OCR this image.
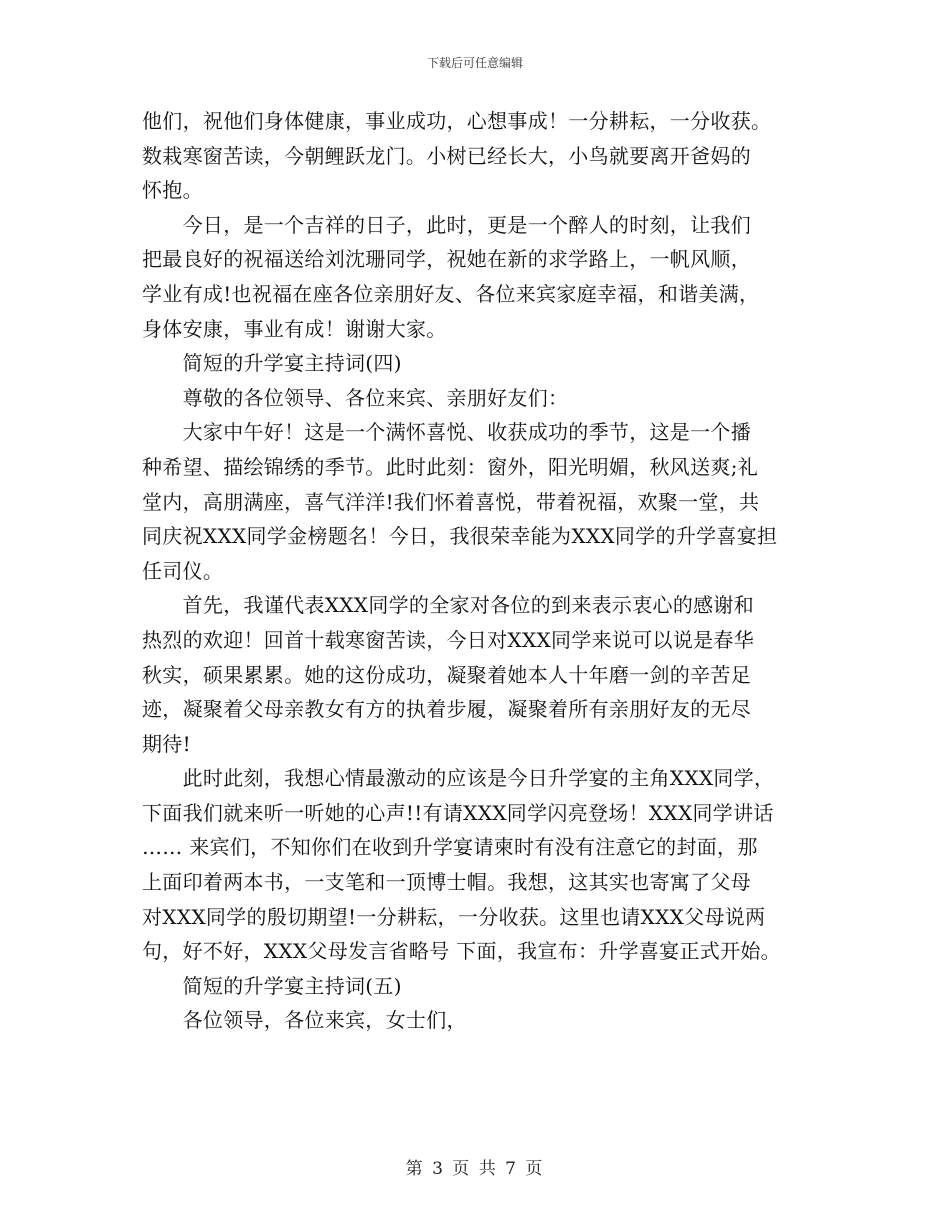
下载后可任意编辑
他们，祝他们身体健康，事业成功，心想事成！一分耕耘，一分收获。
数栽寒窗苦读，今朝鲤跃龙门。小树已经长大，小鸟就要离开爸妈的
怀抱。
　　今日，是一个吉祥的日子，此时，更是一个醉人的时刻，让我们
把最良好的祝福送给刘沈珊同学，祝她在新的求学路上，一帆风顺，
学业有成!也祝福在座各位亲朋好友、各位来宾家庭幸福，和谐美满，
身体安康，事业有成！谢谢大家。
　　简短的升学宴主持词(四)
　　尊敬的各位领导、各位来宾、亲朋好友们：
　　大家中午好！这是一个满怀喜悦、收获成功的季节，这是一个播
种希望、描绘锦绣的季节。此时此刻：窗外，阳光明媚，秋风送爽;礼
堂内，高朋满座，喜气洋洋!我们怀着喜悦，带着祝福，欢聚一堂，共
同庆祝XXX同学金榜题名！今日，我很荣幸能为XXX同学的升学喜宴担
任司仪。
　　首先，我谨代表XXX同学的全家对各位的到来表示衷心的感谢和
热烈的欢迎！回首十载寒窗苦读，今日对XXX同学来说可以说是春华
秋实，硕果累累。她的这份成功，凝聚着她本人十年磨一剑的辛苦足
迹，凝聚着父母亲教女有方的执着步履，凝聚着所有亲朋好友的无尽
期待!
　　此时此刻，我想心情最激动的应该是今日升学宴的主角XXX同学，
下面我们就来听一听她的心声!!有请XXX同学闪亮登场！XXX同学讲话
…… 来宾们，不知你们在收到升学宴请柬时有没有注意它的封面，那
上面印着两本书，一支笔和一顶博士帽。我想，这其实也寄寓了父母
对XXX同学的殷切期望!一分耕耘，一分收获。这里也请XXX父母说两
句，好不好，XXX父母发言省略号 下面，我宣布：升学喜宴正式开始。
　　简短的升学宴主持词(五)
　　各位领导，各位来宾，女士们，
第 3 页 共 7 页
